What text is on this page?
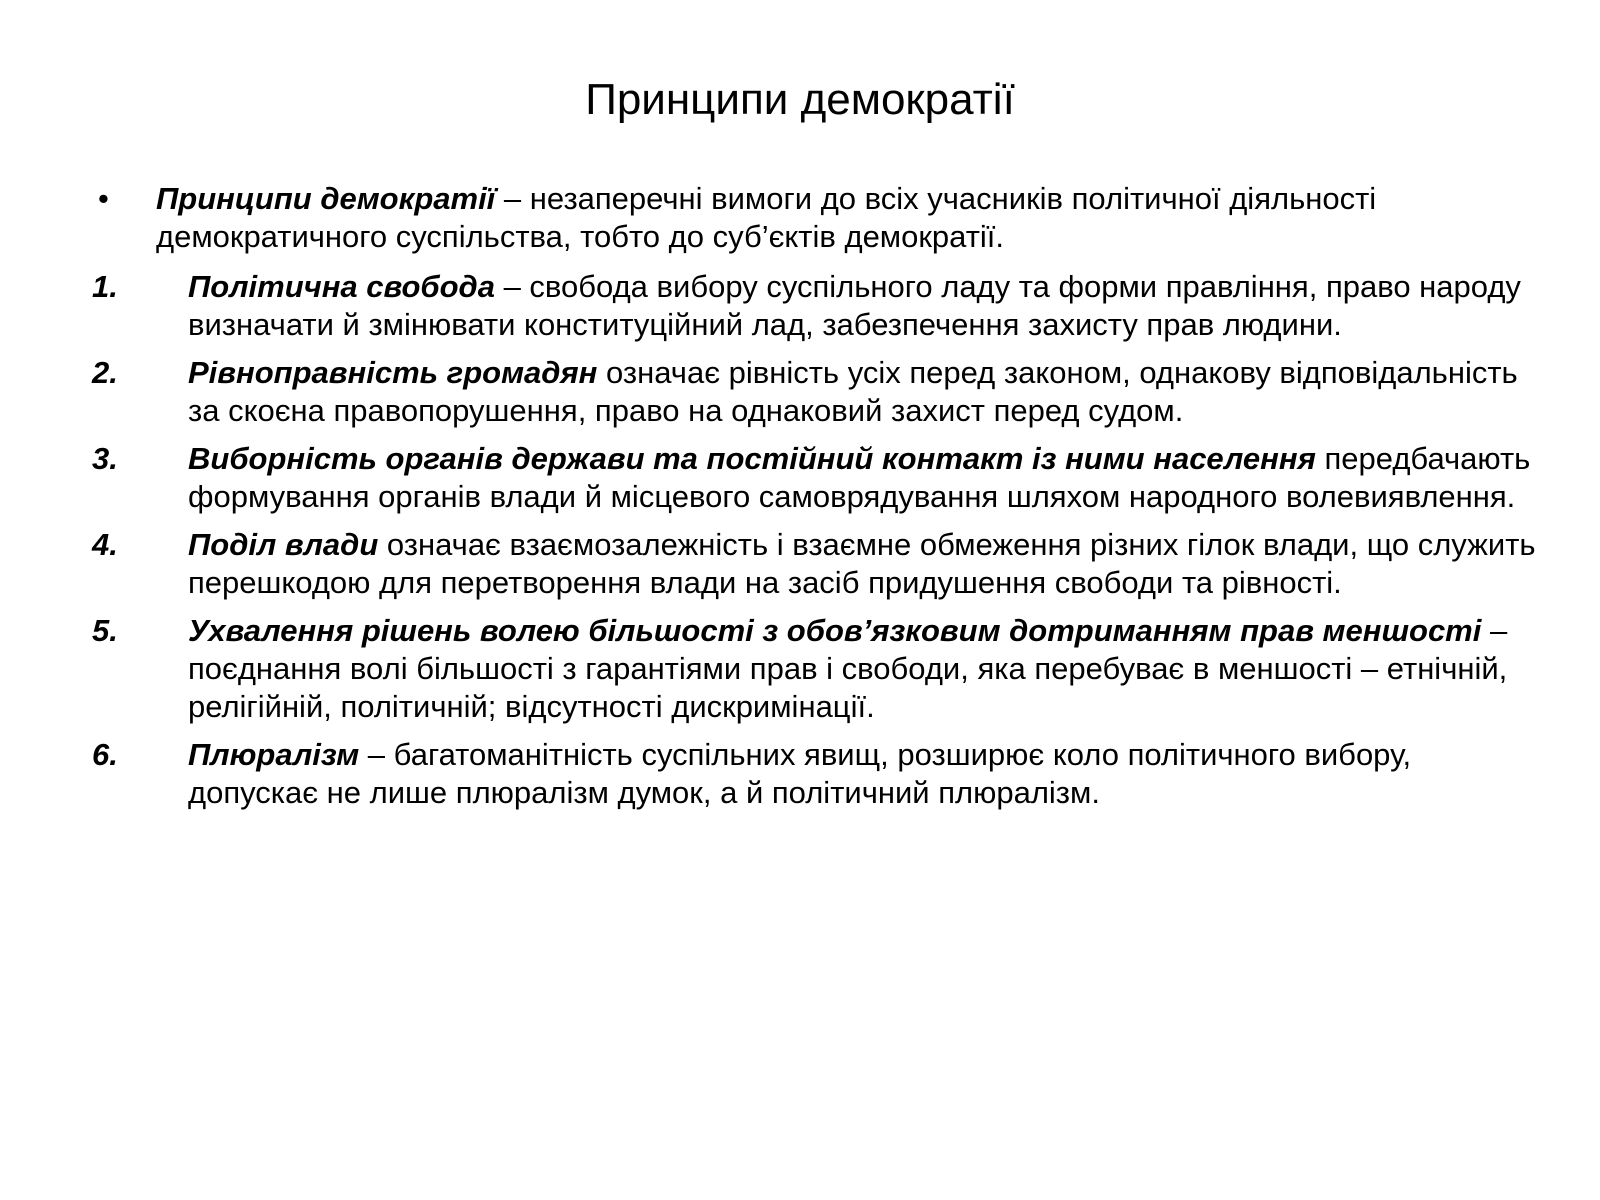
Принципи демократії
• Принципи демократії – незаперечні вимоги до всіх учасників політичної діяльності демократичного суспільства, тобто до суб’єктів демократії.
1. Політична свобода – свобода вибору суспільного ладу та форми правління, право народу визначати й змінювати конституційний лад, забезпечення захисту прав людини.
2. Рівноправність громадян означає рівність усіх перед законом, однакову відповідальність за скоєна правопорушення, право на однаковий захист перед судом.
3. Виборність органів держави та постійний контакт із ними населення передбачають формування органів влади й місцевого самоврядування шляхом народного волевиявлення.
4. Поділ влади означає взаємозалежність і взаємне обмеження різних гілок влади, що служить перешкодою для перетворення влади на засіб придушення свободи та рівності.
5. Ухвалення рішень волею більшості з обов’язковим дотриманням прав меншості – поєднання волі більшості з гарантіями прав і свободи, яка перебуває в меншості – етнічній, релігійній, політичній; відсутності дискримінації.
6. Плюралізм – багатоманітність суспільних явищ, розширює коло політичного вибору, допускає не лише плюралізм думок, а й політичний плюралізм.
